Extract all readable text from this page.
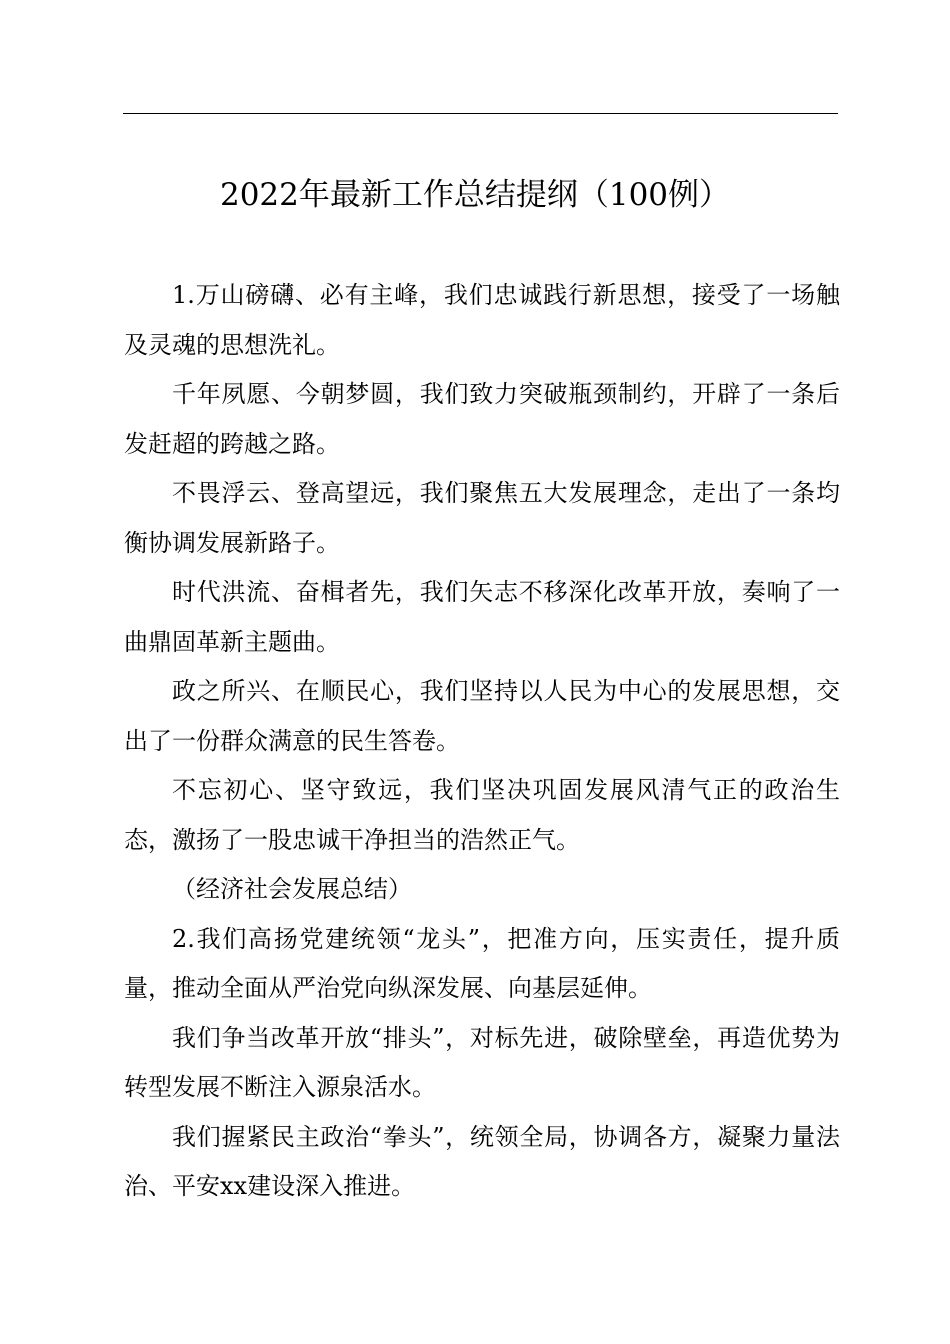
2022年最新工作总结提纲（100例）

1.万山磅礴、必有主峰，我们忠诚践行新思想，接受了一场触及灵魂的思想洗礼。

千年夙愿、今朝梦圆，我们致力突破瓶颈制约，开辟了一条后发赶超的跨越之路。

不畏浮云、登高望远，我们聚焦五大发展理念，走出了一条均衡协调发展新路子。

时代洪流、奋楫者先，我们矢志不移深化改革开放，奏响了一曲鼎固革新主题曲。

政之所兴、在顺民心，我们坚持以人民为中心的发展思想，交出了一份群众满意的民生答卷。

不忘初心、坚守致远，我们坚决巩固发展风清气正的政治生态，激扬了一股忠诚干净担当的浩然正气。

（经济社会发展总结）

2.我们高扬党建统领“龙头”，把准方向，压实责任，提升质量，推动全面从严治党向纵深发展、向基层延伸。

我们争当改革开放“排头”，对标先进，破除壁垒，再造优势为转型发展不断注入源泉活水。

我们握紧民主政治“拳头”，统领全局，协调各方，凝聚力量法治、平安xx建设深入推进。
